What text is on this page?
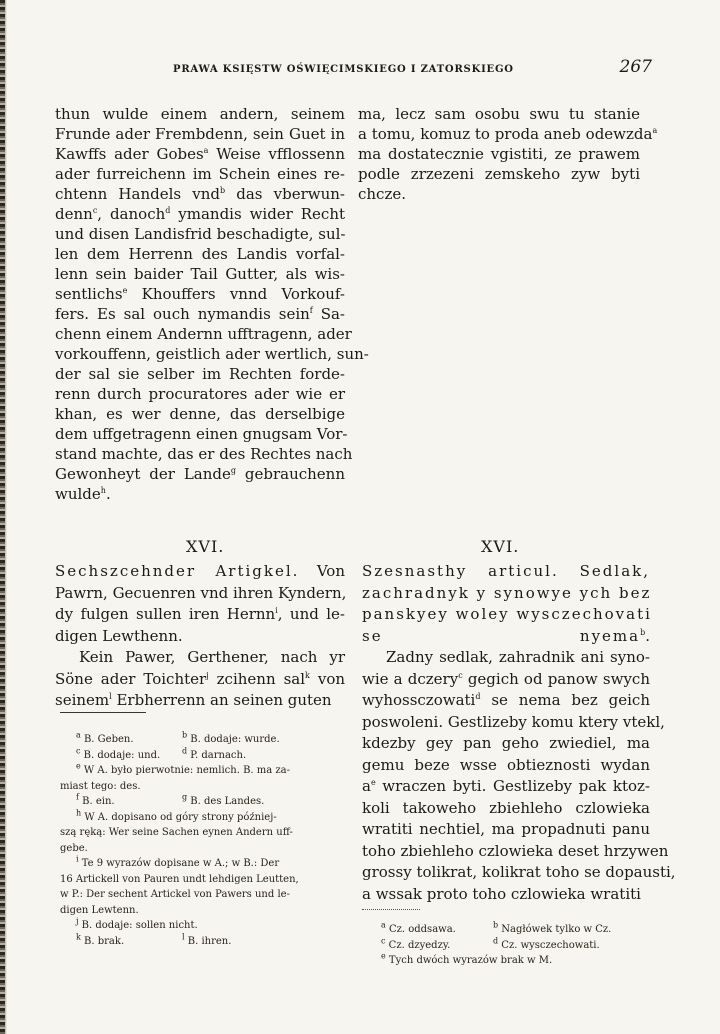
PRAWA KSIĘSTW OŚWIĘCIMSKIEGO I ZATORSKIEGO	267
thun wulde einem andern, seinem
Frunde ader Frembdenn, sein Guet in
Kawffs ader Gobes$^a$ Weise vfflossenn
ader furreichenn im Schein eines re-
chtenn Handels vnd$^b$ das vberwun-
denn$^c$, danoch$^d$ ymandis wider Recht
und disen Landisfrid beschadigte, sul-
len dem Herrenn des Landis vorfal-
lenn sein baider Tail Gutter, als wis-
sentlichs$^e$ Khouffers vnnd Vorkouf-
fers. Es sal ouch nymandis sein$^f$ Sa-
chenn einem Andernn ufftragenn, ader
vorkouffenn, geistlich ader wertlich, sun-
der sal sie selber im Rechten forde-
renn durch procuratores ader wie er
khan, es wer denne, das derselbige
dem uffgetragenn einen gnugsam Vor-
stand machte, das er des Rechtes nach
Gewonheyt der Lande$^g$ gebrauchenn
wulde$^h$.
ma, lecz sam osobu swu tu stanie
a tomu, komuz to proda aneb odewzda$^a$
ma dostatecznie vgistiti, ze prawem
podle zrzezeni zemskeho zyw byti
chcze.
XVI.	XVI.
Sechszcehnder Artigkel. Von
Pawrn, Gecuenren vnd ihren Kyndern,
dy fulgen sullen iren Hernn$^i$, und le-
digen Lewthenn.
Kein Pawer, Gerthener, nach yr
Söne ader Toichter$^j$ zcihenn sal$^k$ von
seinem$^l$ Erbherrenn an seinen guten
Szesnasthy articul. Sedlak,
zachradnyk y synowye ych bez
panskyey woley wysczechovati
se nyema$^b$.
Zadny sedlak, zahradnik ani syno-
wie a dczery$^c$ gegich od panow swych
wyhossczowati$^d$ se nema bez geich
poswoleni. Gestlizeby komu ktery vtekl,
kdezby gey pan geho zwiediel, ma
gemu beze wsse obtieznosti wydan
$a^e$ wraczen byti. Gestlizeby pak ktoz-
koli takoweho zbiehleho czlowieka
wratiti nechtiel, ma propadnuti panu
toho zbiehleho czlowieka deset hrzywen
grossy tolikrat, kolikrat toho se dopausti,
a wssak proto toho czlowieka wratiti
$^a$ B. Geben.	$^b$ B. dodaje: wurde.
$^c$ B. dodaje: und.	$^d$ P. darnach.
$^e$ W A. było pierwotnie: nemlich. B. ma za-
miast tego: des.
$^f$ B. ein.	$^g$ B. des Landes.
$^h$ W A. dopisano od góry strony później-
szą ręką: Wer seine Sachen eynen Andern uff-
gebe.
$^i$ Te 9 wyrazów dopisane w A.; w B.: Der
16 Artickell von Pauren undt lehdigen Leutten,
w P.: Der sechent Artickel von Pawers und le-
digen Lewtenn.
$^j$ B. dodaje: sollen nicht.
$^k$ B. brak.	$^l$ B. ihren.
$^a$ Cz. oddsawa.	$^b$ Nagłówek tylko w Cz.
$^c$ Cz. dzyedzy.	$^d$ Cz. wysczechowati.
$^e$ Tych dwóch wyrazów brak w M.
